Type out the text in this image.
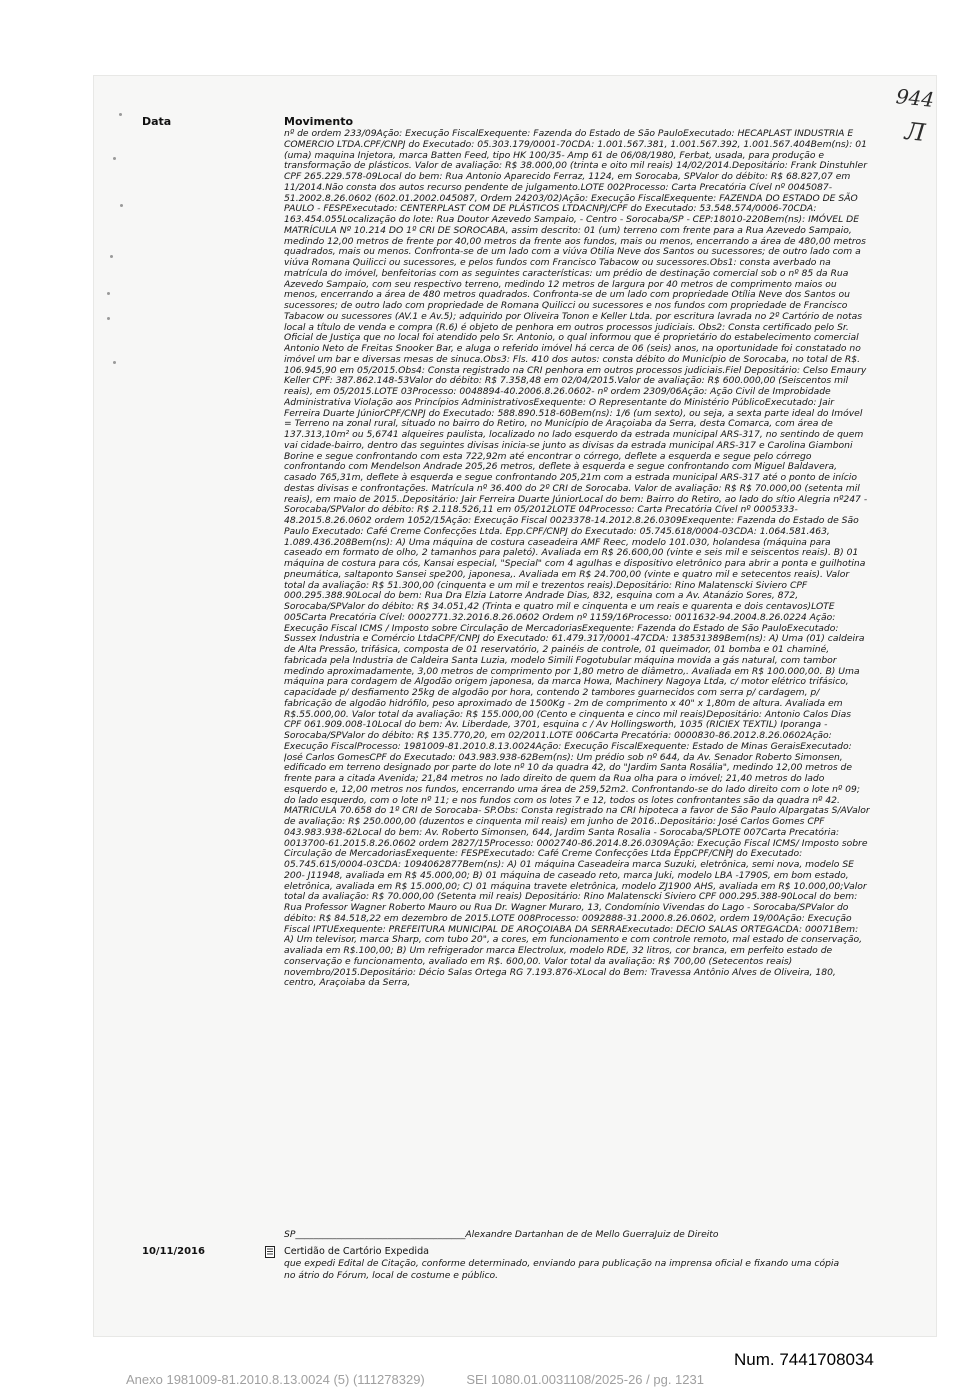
944
Л
Data	Movimento
nº de ordem 233/09Ação: Execução FiscalExequente: Fazenda do Estado de São PauloExecutado: HECAPLAST INDUSTRIA E COMERCIO LTDA.CPF/CNPJ do Executado: 05.303.179/0001-70CDA: 1.001.567.381, 1.001.567.392, 1.001.567.404Bem(ns): 01 (uma) maquina Injetora, marca Batten Feed, tipo HK 100/35- Amp 61 de 06/08/1980, Ferbat, usada, para produção e transformação de plásticos. Valor de avaliação: R$ 38.000,00 (trinta e oito mil reais) 14/02/2014.Depositário: Frank Dinstuhler CPF 265.229.578-09Local do bem: Rua Antonio Aparecido Ferraz, 1124, em Sorocaba, SPValor do débito: R$ 68.827,07 em 11/2014.Não consta dos autos recurso pendente de julgamento.LOTE 002Processo: Carta Precatória Cível nº 0045087-51.2002.8.26.0602 (602.01.2002.045087, Ordem 24203/02)Ação: Execução FiscalExequente: FAZENDA DO ESTADO DE SÃO PAULO - FESPExecutado: CENTERPLAST COM DE PLÁSTICOS LTDACNPJ/CPF do Executado: 53.548.574/0006-70CDA: 163.454.055Localização do lote: Rua Doutor Azevedo Sampaio, - Centro - Sorocaba/SP - CEP:18010-220Bem(ns): IMÓVEL DE MATRÍCULA Nº 10.214 DO 1º CRI DE SOROCABA, assim descrito: 01 (um) terreno com frente para a Rua Azevedo Sampaio, medindo 12,00 metros de frente por 40,00 metros da frente aos fundos, mais ou menos, encerrando a área de 480,00 metros quadrados, mais ou menos. Confronta-se de um lado com a viúva Otilia Neve dos Santos ou sucessores; de outro lado com a viúva Romana Quilicci ou sucessores, e pelos fundos com Francisco Tabacow ou sucessores.Obs1: consta averbado na matrícula do imóvel, benfeitorias com as seguintes características: um prédio de destinação comercial sob o nº 85 da Rua Azevedo Sampaio, com seu respectivo terreno, medindo 12 metros de largura por 40 metros de comprimento maios ou menos, encerrando a área de 480 metros quadrados. Confronta-se de um lado com propriedade Otília Neve dos Santos ou sucessores; de outro lado com propriedade de Romana Quilicci ou sucessores e nos fundos com propriedade de Francisco Tabacow ou sucessores (AV.1 e Av.5); adquirido por Oliveira Tonon e Keller Ltda. por escritura lavrada no 2º Cartório de notas local a título de venda e compra (R.6) é objeto de penhora em outros processos judiciais. Obs2: Consta certificado pelo Sr. Oficial de Justiça que no local foi atendido pelo Sr. Antonio, o qual informou que é proprietário do estabelecimento comercial Antonio Neto de Freitas Snooker Bar, e aluga o referido imóvel há cerca de 06 (seis) anos, na oportunidade foi constatado no imóvel um bar e diversas mesas de sinuca.Obs3: Fls. 410 dos autos: consta débito do Município de Sorocaba, no total de R$. 106.945,90 em 05/2015.Obs4: Consta registrado na CRI penhora em outros processos judiciais.Fiel Depositário: Celso Emaury Keller CPF: 387.862.148-53Valor do débito: R$ 7.358,48 em 02/04/2015.Valor de avaliação: R$ 600.000,00 (Seiscentos mil reais), em 05/2015.LOTE 03Processo: 0048894-40.2006.8.26.0602- nº ordem 2309/06Ação: Ação Civil de Improbidade Administrativa Violação aos Princípios AdministrativosExequente: O Representante do Ministério PúblicoExecutado: Jair Ferreira Duarte JúniorCPF/CNPJ do Executado: 588.890.518-60Bem(ns): 1/6 (um sexto), ou seja, a sexta parte ideal do Imóvel = Terreno na zonal rural, situado no bairro do Retiro, no Município de Araçoiaba da Serra, desta Comarca, com área de 137.313,10m² ou 5,6741 alqueires paulista, localizado no lado esquerdo da estrada municipal ARS-317, no sentindo de quem vai cidade-bairro, dentro das seguintes divisas inicia-se junto as divisas da estrada municipal ARS-317 e Carolina Giamboni Borine e segue confrontando com esta 722,92m até encontrar o córrego, deflete a esquerda e segue pelo córrego confrontando com Mendelson Andrade 205,26 metros, deflete à esquerda e segue confrontando com Miguel Baldavera, casado 765,31m, deflete à esquerda e segue confrontando 205,21m com a estrada municipal ARS-317 até o ponto de início destas divisas e confrontações. Matrícula nº 36.400 do 2º CRI de Sorocaba. Valor de avaliação: R$ R$ 70.000,00 (setenta mil reais), em maio de 2015..Depositário: Jair Ferreira Duarte JúniorLocal do bem: Bairro do Retiro, ao lado do sítio Alegria nº247 - Sorocaba/SPValor do débito: R$ 2.118.526,11 em 05/2012LOTE 04Processo: Carta Precatória Cível nº 0005333-48.2015.8.26.0602 ordem 1052/15Ação: Execução Fiscal 0023378-14.2012.8.26.0309Exequente: Fazenda do Estado de São Paulo Executado: Café Creme Confecções Ltda. Epp.CPF/CNPJ do Executado: 05.745.618/0004-03CDA: 1.064.581.463, 1.089.436.208Bem(ns): A) Uma máquina de costura caseadeira AMF Reec, modelo 101.030, holandesa (máquina para caseado em formato de olho, 2 tamanhos para paletó). Avaliada em R$ 26.600,00 (vinte e seis mil e seiscentos reais). B) 01 máquina de costura para cós, Kansai especial, "Special" com 4 agulhas e dispositivo eletrônico para abrir a ponta e guilhotina pneumática, saltaponto Sansei spe200, japonesa,. Avaliada em R$ 24.700,00 (vinte e quatro mil e setecentos reais). Valor total da avaliação: R$ 51.300,00 (cinquenta e um mil e trezentos reais).Depositário: Rino Malatenscki Siviero CPF 000.295.388.90Local do bem: Rua Dra Elzia Latorre Andrade Dias, 832, esquina com a Av. Atanázio Sores, 872, Sorocaba/SPValor do débito: R$ 34.051,42 (Trinta e quatro mil e cinquenta e um reais e quarenta e dois centavos)LOTE 005Carta Precatória Cível: 0002771.32.2016.8.26.0602 Ordem nº 1159/16Processo: 0011632-94.2004.8.26.0224 Ação: Execução Fiscal ICMS / Imposto sobre Circulação de MercadoriasExequente: Fazenda do Estado de São PauloExecutado: Sussex Industria e Comércio LtdaCPF/CNPJ do Executado: 61.479.317/0001-47CDA: 138531389Bem(ns): A) Uma (01) caldeira de Alta Pressão, trifásica, composta de 01 reservatório, 2 painéis de controle, 01 queimador, 01 bomba e 01 chaminé, fabricada pela Industria de Caldeira Santa Luzia, modelo Simili Fogotubular máquina movida a gás natural, com tambor medindo aproximadamente, 3,00 metros de comprimento por 1,80 metro de diâmetro,. Avaliada em R$ 100.000,00. B) Uma máquina para cordagem de Algodão origem japonesa, da marca Howa, Machinery Nagoya Ltda, c/ motor elétrico trifásico, capacidade p/ desfiamento 25kg de algodão por hora, contendo 2 tambores guarnecidos com serra p/ cardagem, p/ fabricação de algodão hidrófilo, peso aproximado de 1500Kg - 2m de comprimento x 40" x 1,80m de altura. Avaliada em R$.55.000,00. Valor total da avaliação: R$ 155.000,00 (Cento e cinquenta e cinco mil reais)Depositário: Antonio Calos Dias CPF 061.909.008-10Local do bem: Av. Liberdade, 3701, esquina c / Av Hollingsworth, 1035 (RICIEX TEXTIL) Iporanga - Sorocaba/SPValor do débito: R$ 135.770,20, em 02/2011.LOTE 006Carta Precatória: 0000830-86.2012.8.26.0602Ação: Execução FiscalProcesso: 1981009-81.2010.8.13.0024Ação: Execução FiscalExequente: Estado de Minas GeraisExecutado: José Carlos GomesCPF do Executado: 043.983.938-62Bem(ns): Um prédio sob nº 644, da Av. Senador Roberto Simonsen, edificado em terreno designado por parte do lote nº 10 da quadra 42, do "Jardim Santa Rosália", medindo 12,00 metros de frente para a citada Avenida; 21,84 metros no lado direito de quem da Rua olha para o imóvel; 21,40 metros do lado esquerdo e, 12,00 metros nos fundos, encerrando uma área de 259,52m2. Confrontando-se do lado direito com o lote nº 09; do lado esquerdo, com o lote nº 11; e nos fundos com os lotes 7 e 12, todos os lotes confrontantes são da quadra nº 42. MATRICULA 70.658 do 1º CRI de Sorocaba- SP.Obs: Consta registrado na CRI hipoteca a favor de São Paulo Alpargatas S/AValor de avaliação: R$ 250.000,00 (duzentos e cinquenta mil reais) em junho de 2016..Depositário: José Carlos Gomes CPF 043.983.938-62Local do bem: Av. Roberto Simonsen, 644, Jardim Santa Rosalia - Sorocaba/SPLOTE 007Carta Precatória: 0013700-61.2015.8.26.0602 ordem 2827/15Processo: 0002740-86.2014.8.26.0309Ação: Execução Fiscal ICMS/ Imposto sobre Circulação de MercadoriasExequente: FESPExecutado: Café Creme Confecções Ltda EppCPF/CNPJ do Executado: 05.745.615/0004-03CDA: 1094062877Bem(ns): A) 01 máquina Caseadeira marca Suzuki, eletrônica, semi nova, modelo SE 200- J11948, avaliada em R$ 45.000,00; B) 01 máquina de caseado reto, marca Juki, modelo LBA -1790S, em bom estado, eletrônica, avaliada em R$ 15.000,00; C) 01 máquina travete eletrônica, modelo ZJ1900 AHS, avaliada em R$ 10.000,00;Valor total da avaliação: R$ 70.000,00 (Setenta mil reais) Depositário: Rino Malatenscki Siviero CPF 000.295.388-90Local do bem: Rua Professor Wagner Roberto Mauro ou Rua Dr. Wagner Muraro, 13, Condomínio Vivendas do Lago - Sorocaba/SPValor do débito: R$ 84.518,22 em dezembro de 2015.LOTE 008Processo: 0092888-31.2000.8.26.0602, ordem 19/00Ação: Execução Fiscal IPTUExequente: PREFEITURA MUNICIPAL DE AROÇOIABA DA SERRAExecutado: DECIO SALAS ORTEGACDA: 00071Bem: A) Um televisor, marca Sharp, com tubo 20", a cores, em funcionamento e com controle remoto, mal estado de conservação, avaliada em R$.100,00; B) Um refrigerador marca Electrolux, modelo RDE, 32 litros, cor branca, em perfeito estado de conservação e funcionamento, avaliado em R$. 600,00. Valor total da avaliação: R$ 700,00 (Setecentos reais) novembro/2015.Depositário: Décio Salas Ortega RG 7.193.876-XLocal do Bem: Travessa Antônio Alves de Oliveira, 180, centro, Araçoiaba da Serra,
SP_____________________________________Alexandre Dartanhan de de Mello GuerraJuiz de Direito
10/11/2016	Certidão de Cartório Expedida
que expedi Edital de Citação, conforme determinado, enviando para publicação na imprensa oficial e fixando uma cópia no átrio do Fórum, local de costume e público.
Num. 7441708034
Anexo 1981009-81.2010.8.13.0024 (5) (111278329)	SEI 1080.01.0031108/2025-26 / pg. 1231
